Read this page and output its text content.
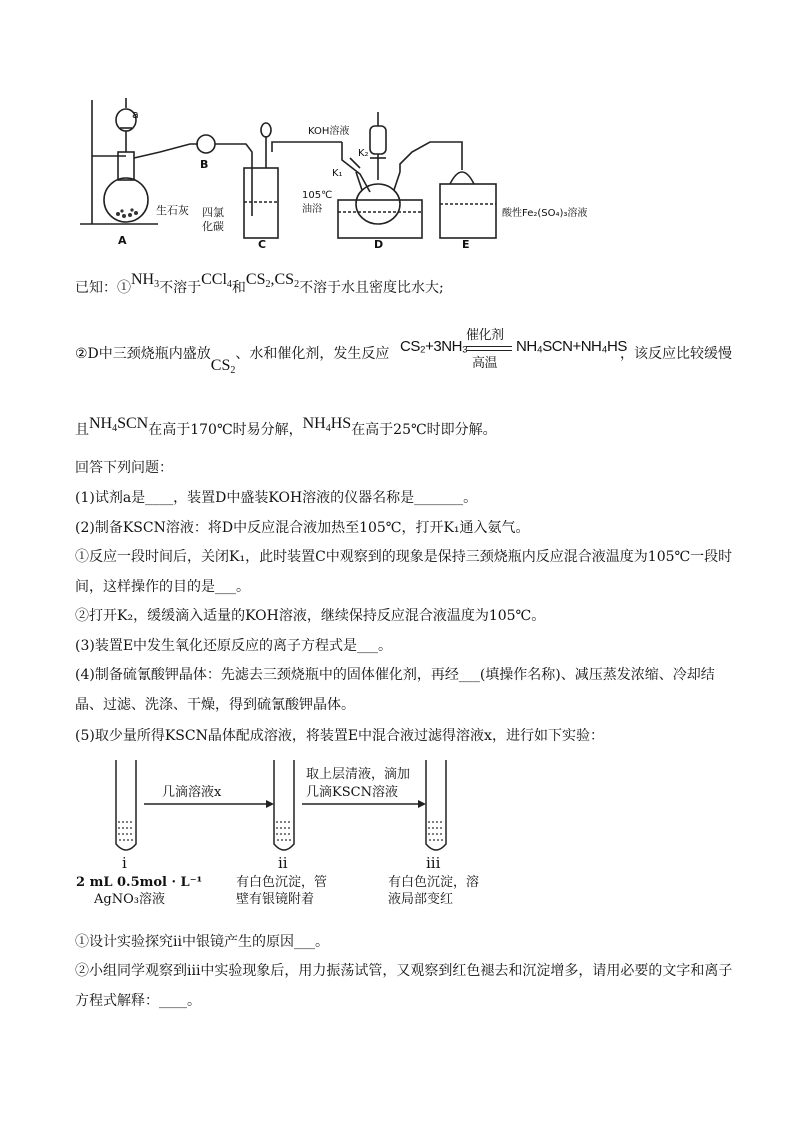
a
B
生石灰
A
四氯
化碳
C
KOH溶液
K₂
K₁
105℃
油浴
D
酸性Fe₂(SO₄)₃溶液
E
已知：$①NH_3$不溶于CCl$_4$和$CS_2,CS_2$不溶于水且密度比水大;
②D中三颈烧瓶内盛放$CS_2$、水和催化剂，发生反应 CS₂+3NH₃
催化剂
高温
NH₄SCN+NH₄HS
，该反应比较缓慢
且$NH_4SCN$在高于170℃时易分解，$NH_4HS$在高于25℃时即分解。
回答下列问题：
(1)试剂a是____，装置D中盛装KOH溶液的仪器名称是_______。
(2)制备KSCN溶液：将D中反应混合液加热至105℃，打开K₁通入氨气。
①反应一段时间后，关闭K₁，此时装置C中观察到的现象是保持三颈烧瓶内反应混合液温度为105℃一段时间，这样操作的目的是___。
②打开K₂，缓缓滴入适量的KOH溶液，继续保持反应混合液温度为105℃。
(3)装置E中发生氧化还原反应的离子方程式是___。
(4)制备硫氰酸钾晶体：先滤去三颈烧瓶中的固体催化剂，再经___(填操作名称)、减压蒸发浓缩、冷却结晶、过滤、洗涤、干燥，得到硫氰酸钾晶体。
(5)取少量所得KSCN晶体配成溶液，将装置E中混合液过滤得溶液x，进行如下实验：
几滴溶液x
取上层清液，滴加
几滴KSCN溶液
i	ii	iii
2 mL 0.5mol · L⁻¹
AgNO₃溶液
有白色沉淀，管
壁有银镜附着
有白色沉淀，溶
液局部变红
①设计实验探究ii中银镜产生的原因___。
②小组同学观察到iii中实验现象后，用力振荡试管，又观察到红色褪去和沉淀增多，请用必要的文字和离子方程式解释：____。
